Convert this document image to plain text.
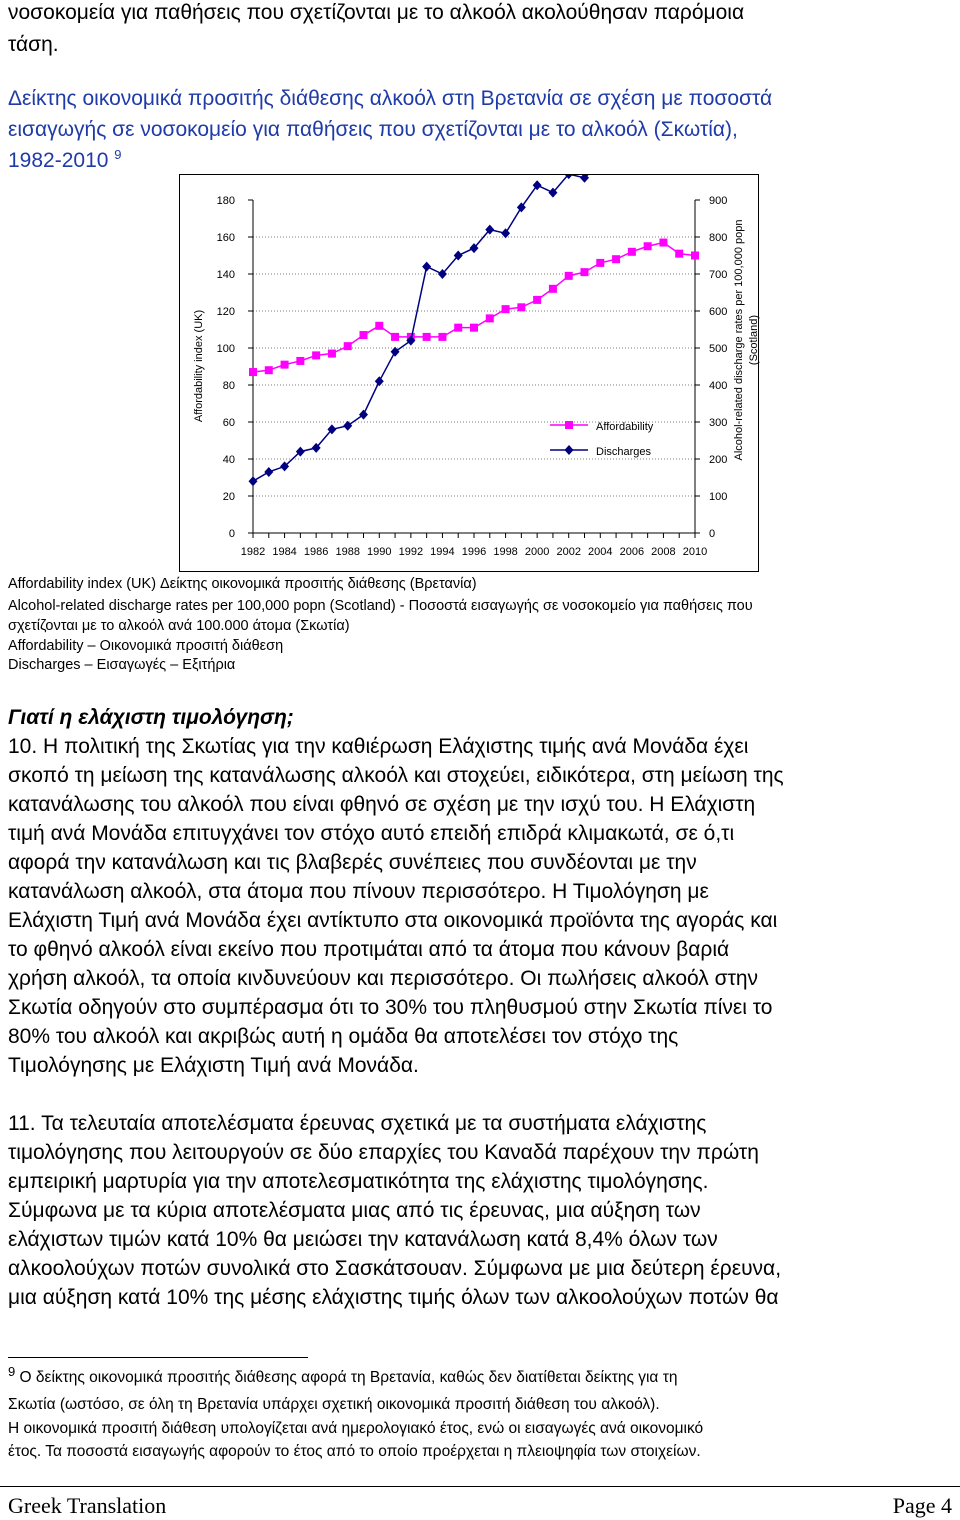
νοσοκομεία για παθήσεις που σχετίζονται με το αλκοόλ ακολούθησαν παρόμοια
τάση.
Δείκτης οικονομικά προσιτής διάθεσης αλκοόλ στη Βρετανία σε σχέση με ποσοστά
εισαγωγής σε νοσοκομείο για παθήσεις που σχετίζονται με το αλκοόλ (Σκωτία),
1982-2010 $^9$
Affordability index (UK)	Alcohol-related discharge rates per 100,000 popn (Scotland)
0
20
40
60
80
100
120
140
160
180
0
100
200
300
400
500
600
700
800
900
1982 1984 1986 1988 1990 1992 1994 1996 1998 2000 2002 2004 2006 2008 2010
Affordability
Discharges
Affordability index (UK) Δείκτης οικονομικά προσιτής διάθεσης (Βρετανία)
Alcohol-related discharge rates per 100,000 popn (Scotland) - Ποσοστά εισαγωγής σε νοσοκομείο για παθήσεις που
σχετίζονται με το αλκοόλ ανά 100.000 άτομα (Σκωτία)
Affordability – Οικονομικά προσιτή διάθεση
Discharges – Εισαγωγές – Εξιτήρια
Γιατί η ελάχιστη τιμολόγηση;
10. Η πολιτική της Σκωτίας για την καθιέρωση Ελάχιστης τιμής ανά Μονάδα έχει
σκοπό τη μείωση της κατανάλωσης αλκοόλ και στοχεύει, ειδικότερα, στη μείωση της
κατανάλωσης του αλκοόλ που είναι φθηνό σε σχέση με την ισχύ του. Η Ελάχιστη
τιμή ανά Μονάδα επιτυγχάνει τον στόχο αυτό επειδή επιδρά κλιμακωτά, σε ό,τι
αφορά την κατανάλωση και τις βλαβερές συνέπειες που συνδέονται με την
κατανάλωση αλκοόλ, στα άτομα που πίνουν περισσότερο. Η Τιμολόγηση με
Ελάχιστη Τιμή ανά Μονάδα έχει αντίκτυπο στα οικονομικά προϊόντα της αγοράς και
το φθηνό αλκοόλ είναι εκείνο που προτιμάται από τα άτομα που κάνουν βαριά
χρήση αλκοόλ, τα οποία κινδυνεύουν και περισσότερο. Οι πωλήσεις αλκοόλ στην
Σκωτία οδηγούν στο συμπέρασμα ότι το 30% του πληθυσμού στην Σκωτία πίνει το
80% του αλκοόλ και ακριβώς αυτή η ομάδα θα αποτελέσει τον στόχο της
Τιμολόγησης με Ελάχιστη Τιμή ανά Μονάδα.
11. Τα τελευταία αποτελέσματα έρευνας σχετικά με τα συστήματα ελάχιστης
τιμολόγησης που λειτουργούν σε δύο επαρχίες του Καναδά παρέχουν την πρώτη
εμπειρική μαρτυρία για την αποτελεσματικότητα της ελάχιστης τιμολόγησης.
Σύμφωνα με τα κύρια αποτελέσματα μιας από τις έρευνας, μια αύξηση των
ελάχιστων τιμών κατά 10% θα μειώσει την κατανάλωση κατά 8,4% όλων των
αλκοολούχων ποτών συνολικά στο Σασκάτσουαν. Σύμφωνα με μια δεύτερη έρευνα,
μια αύξηση κατά 10% της μέσης ελάχιστης τιμής όλων των αλκοολούχων ποτών θα
$^9$ Ο δείκτης οικονομικά προσιτής διάθεσης αφορά τη Βρετανία, καθώς δεν διατίθεται δείκτης για τη
Σκωτία (ωστόσο, σε όλη τη Βρετανία υπάρχει σχετική οικονομικά προσιτή διάθεση του αλκοόλ).
Η οικονομικά προσιτή διάθεση υπολογίζεται ανά ημερολογιακό έτος, ενώ οι εισαγωγές ανά οικονομικό
έτος. Τα ποσοστά εισαγωγής αφορούν το έτος από το οποίο προέρχεται η πλειοψηφία των στοιχείων.
Greek Translation	Page 4
